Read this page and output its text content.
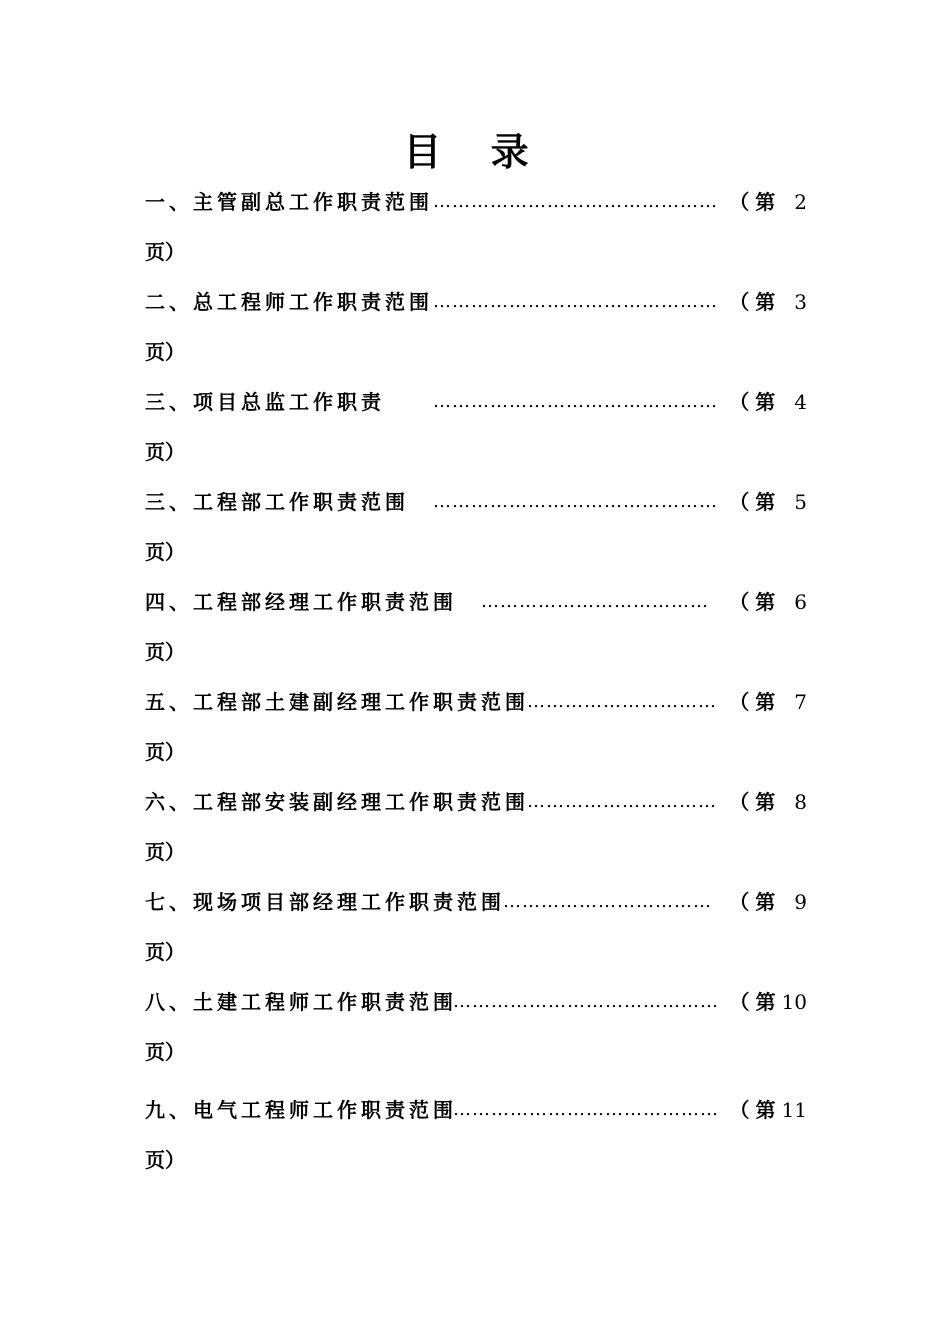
目 录
一、主管副总工作职责范围 ……………………………………… （第 2
页）
二、总工程师工作职责范围 ……………………………………… （第 3
页）
三、项目总监工作职责	……………………………………… （第 4
页）
三、工程部工作职责范围 ……………………………………… （第 5
页）
四、工程部经理工作职责范围 ……………………………… （第 6
页）
五、工程部土建副经理工作职责范围
………………………… （第 7
页）
六、工程部安装副经理工作职责范围
………………………… （第 8
页）
七、现场项目部经理工作职责范围
…………………………… （第 9
页）
八、土建工程师工作职责范围
…………………………………… （第10
页）
九、电气工程师工作职责范围
…………………………………… （第11
页）
